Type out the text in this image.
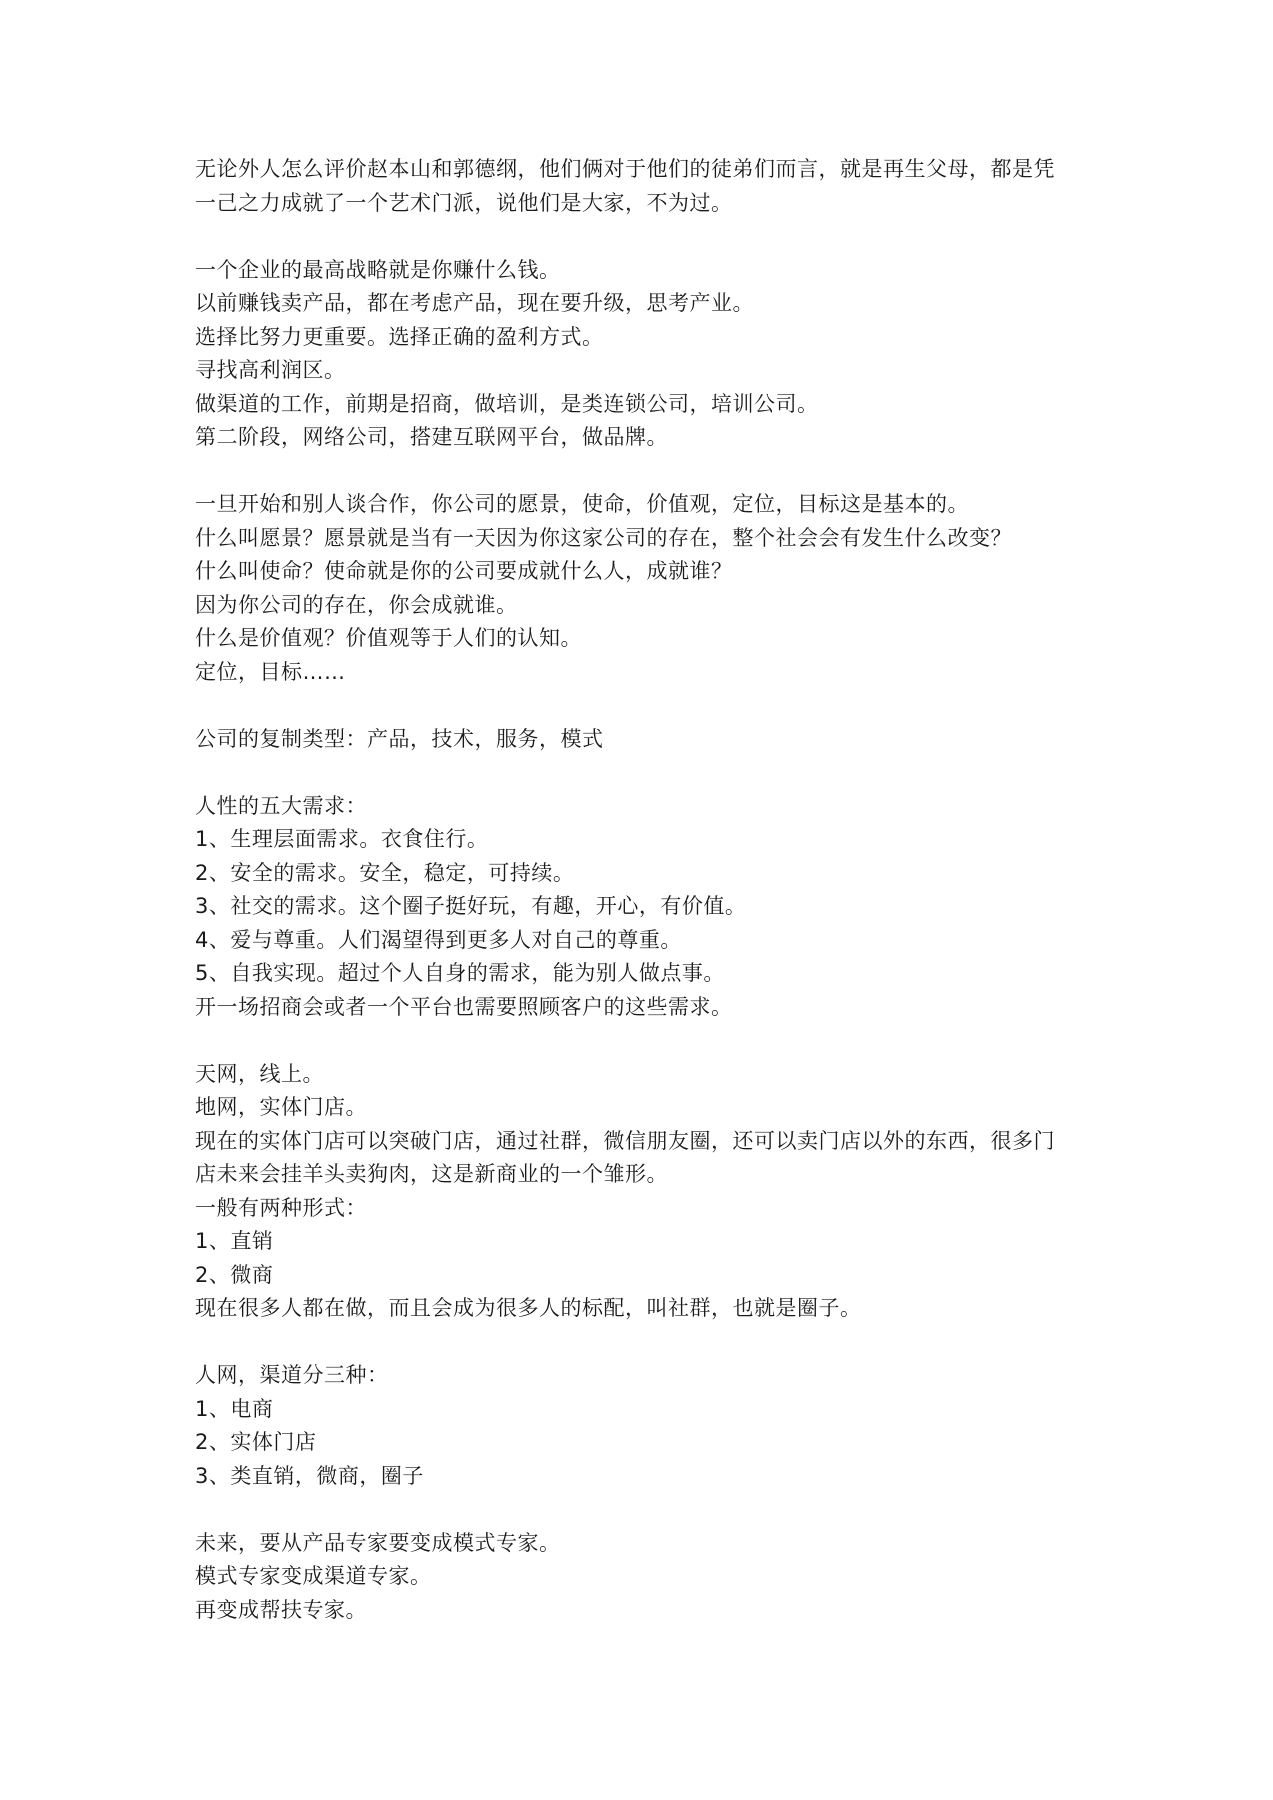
无论外人怎么评价赵本山和郭德纲，他们俩对于他们的徒弟们而言，就是再生父母，都是凭

一己之力成就了一个艺术门派，说他们是大家，不为过。

一个企业的最高战略就是你赚什么钱。

以前赚钱卖产品，都在考虑产品，现在要升级，思考产业。

选择比努力更重要。选择正确的盈利方式。

寻找高利润区。

做渠道的工作，前期是招商，做培训，是类连锁公司，培训公司。

第二阶段，网络公司，搭建互联网平台，做品牌。

一旦开始和别人谈合作，你公司的愿景，使命，价值观，定位，目标这是基本的。

什么叫愿景？愿景就是当有一天因为你这家公司的存在，整个社会会有发生什么改变？

什么叫使命？使命就是你的公司要成就什么人，成就谁？

因为你公司的存在，你会成就谁。

什么是价值观？价值观等于人们的认知。

定位，目标……

公司的复制类型：产品，技术，服务，模式

人性的五大需求：

1、生理层面需求。衣食住行。

2、安全的需求。安全，稳定，可持续。

3、社交的需求。这个圈子挺好玩，有趣，开心，有价值。

4、爱与尊重。人们渴望得到更多人对自己的尊重。

5、自我实现。超过个人自身的需求，能为别人做点事。

开一场招商会或者一个平台也需要照顾客户的这些需求。

天网，线上。

地网，实体门店。

现在的实体门店可以突破门店，通过社群，微信朋友圈，还可以卖门店以外的东西，很多门

店未来会挂羊头卖狗肉，这是新商业的一个雏形。

一般有两种形式：

1、直销

2、微商

现在很多人都在做，而且会成为很多人的标配，叫社群，也就是圈子。

人网，渠道分三种：

1、电商

2、实体门店

3、类直销，微商，圈子

未来，要从产品专家要变成模式专家。

模式专家变成渠道专家。

再变成帮扶专家。
